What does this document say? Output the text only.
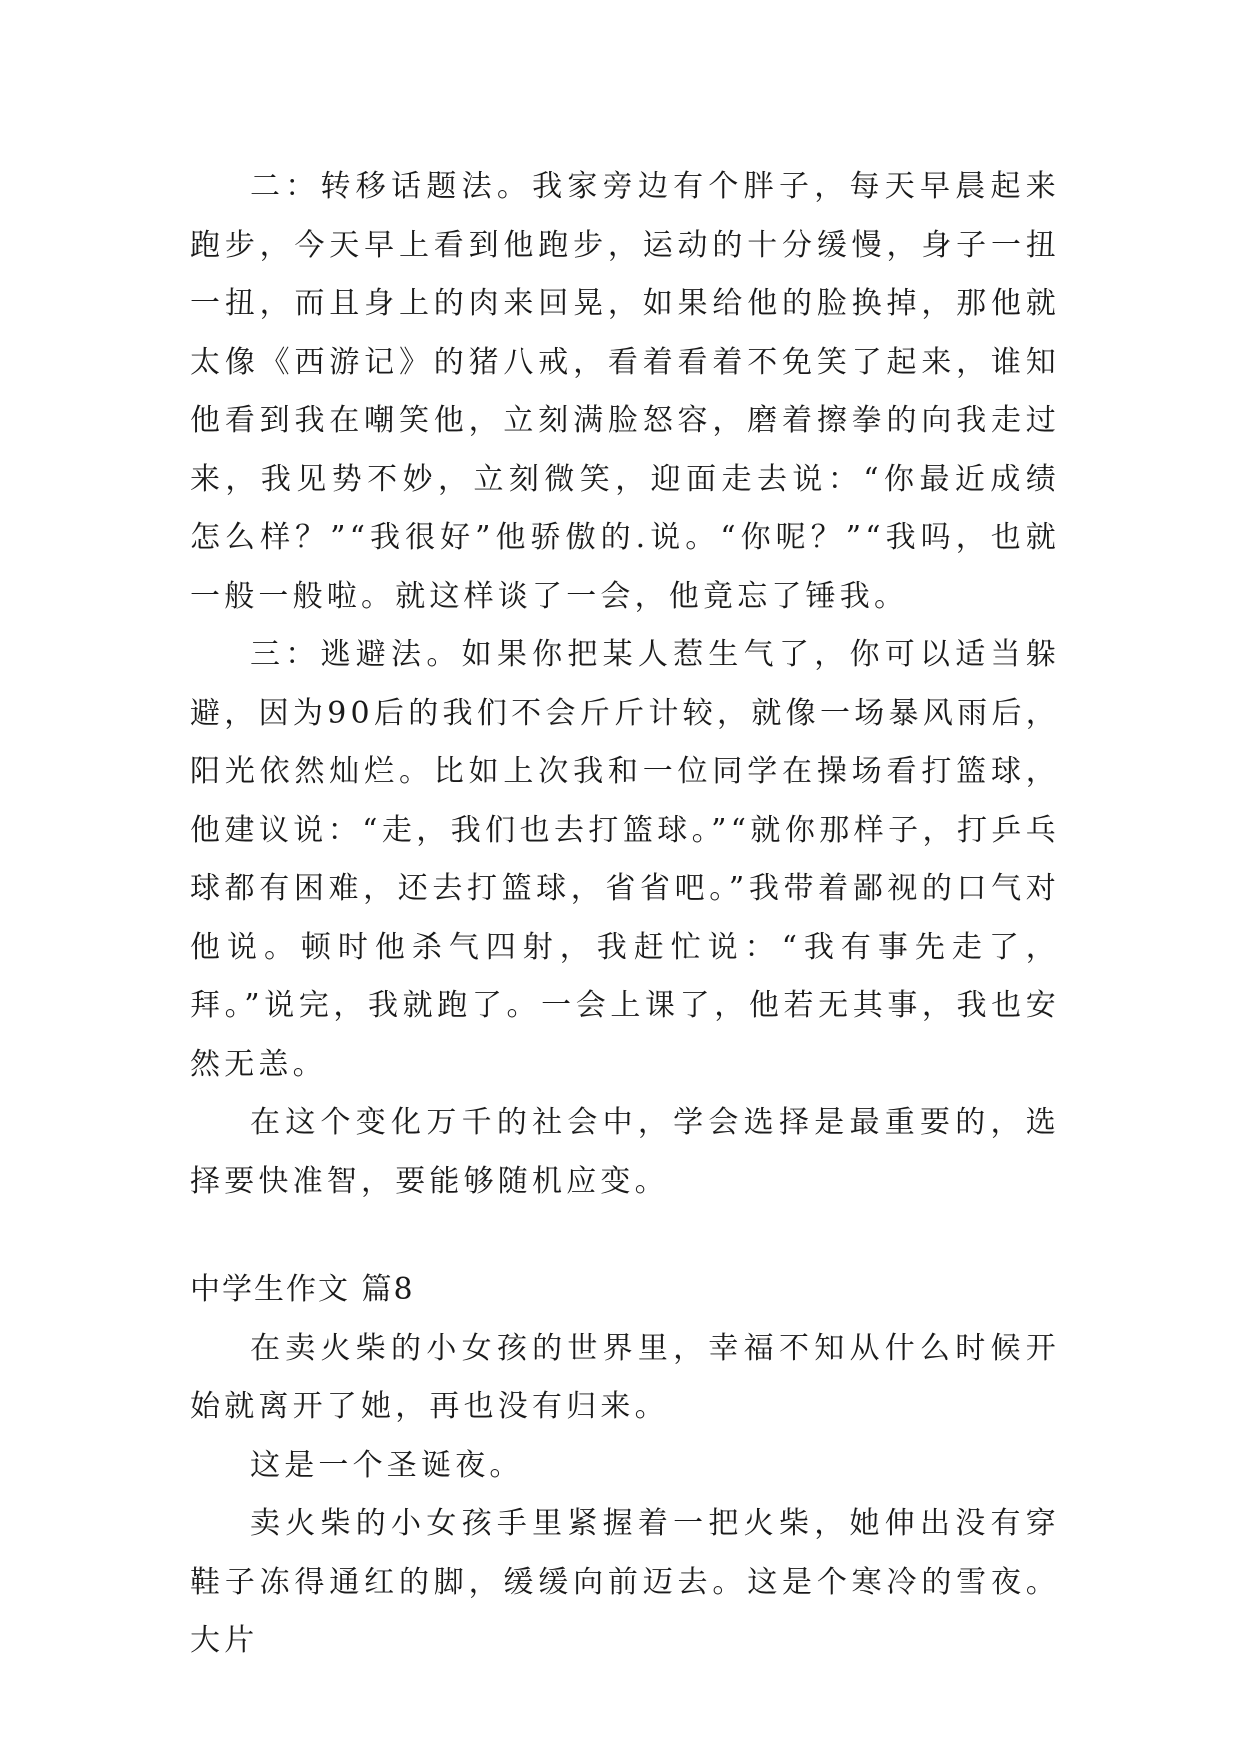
二：转移话题法。我家旁边有个胖子，每天早晨起来跑步，今天早上看到他跑步，运动的十分缓慢，身子一扭一扭，而且身上的肉来回晃，如果给他的脸换掉，那他就太像《西游记》的猪八戒，看着看着不免笑了起来，谁知他看到我在嘲笑他，立刻满脸怒容，磨着擦拳的向我走过来，我见势不妙，立刻微笑，迎面走去说：“你最近成绩怎么样？”“我很好”他骄傲的.说。“你呢？”“我吗，也就一般一般啦。就这样谈了一会，他竟忘了锤我。

三：逃避法。如果你把某人惹生气了，你可以适当躲避，因为90后的我们不会斤斤计较，就像一场暴风雨后，阳光依然灿烂。比如上次我和一位同学在操场看打篮球，他建议说：“走，我们也去打篮球。”“就你那样子，打乒乓球都有困难，还去打篮球，省省吧。”我带着鄙视的口气对他说。顿时他杀气四射，我赶忙说：“我有事先走了，拜。”说完，我就跑了。一会上课了，他若无其事，我也安然无恙。

在这个变化万千的社会中，学会选择是最重要的，选择要快准智，要能够随机应变。

中学生作文 篇8

在卖火柴的小女孩的世界里，幸福不知从什么时候开始就离开了她，再也没有归来。

这是一个圣诞夜。

卖火柴的小女孩手里紧握着一把火柴，她伸出没有穿鞋子冻得通红的脚，缓缓向前迈去。这是个寒冷的雪夜。大片
